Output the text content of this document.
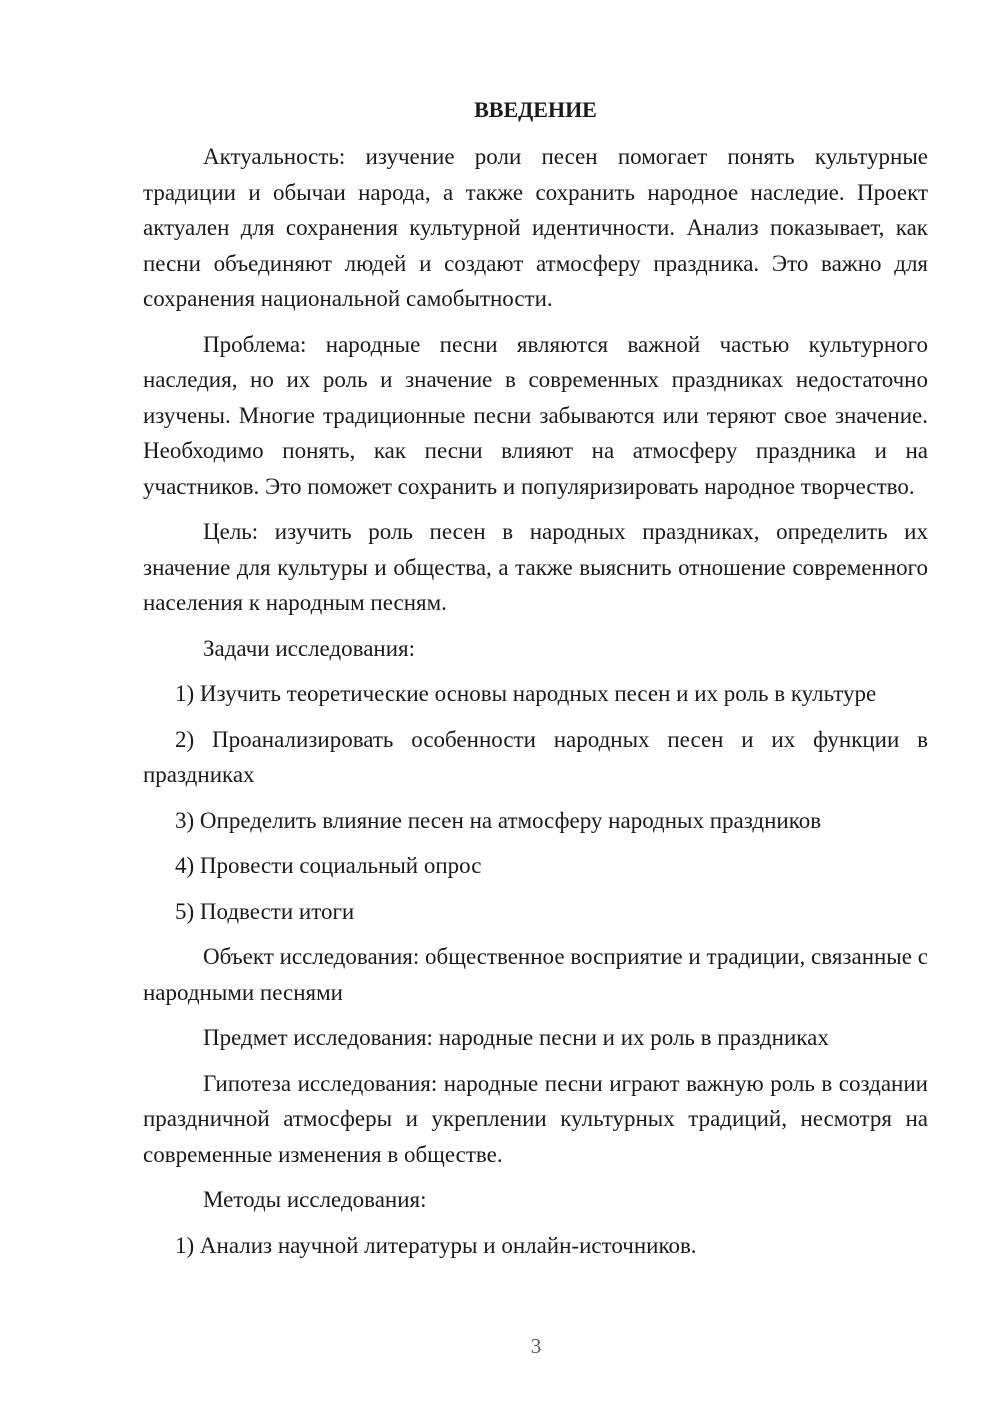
ВВЕДЕНИЕ

Актуальность: изучение роли песен помогает понять культурные традиции и обычаи народа, а также сохранить народное наследие. Проект актуален для сохранения культурной идентичности. Анализ показывает, как песни объединяют людей и создают атмосферу праздника. Это важно для сохранения национальной самобытности.

Проблема: народные песни являются важной частью культурного наследия, но их роль и значение в современных праздниках недостаточно изучены. Многие традиционные песни забываются или теряют свое значение. Необходимо понять, как песни влияют на атмосферу праздника и на участников. Это поможет сохранить и популяризировать народное творчество.

Цель: изучить роль песен в народных праздниках, определить их значение для культуры и общества, а также выяснить отношение современного населения к народным песням.

Задачи исследования:

1) Изучить теоретические основы народных песен и их роль в культуре

2) Проанализировать особенности народных песен и их функции в праздниках

3) Определить влияние песен на атмосферу народных праздников

4) Провести социальный опрос

5) Подвести итоги

Объект исследования: общественное восприятие и традиции, связанные с народными песнями

Предмет исследования: народные песни и их роль в праздниках

Гипотеза исследования: народные песни играют важную роль в создании праздничной атмосферы и укреплении культурных традиций, несмотря на современные изменения в обществе.

Методы исследования:

1) Анализ научной литературы и онлайн-источников.

3
